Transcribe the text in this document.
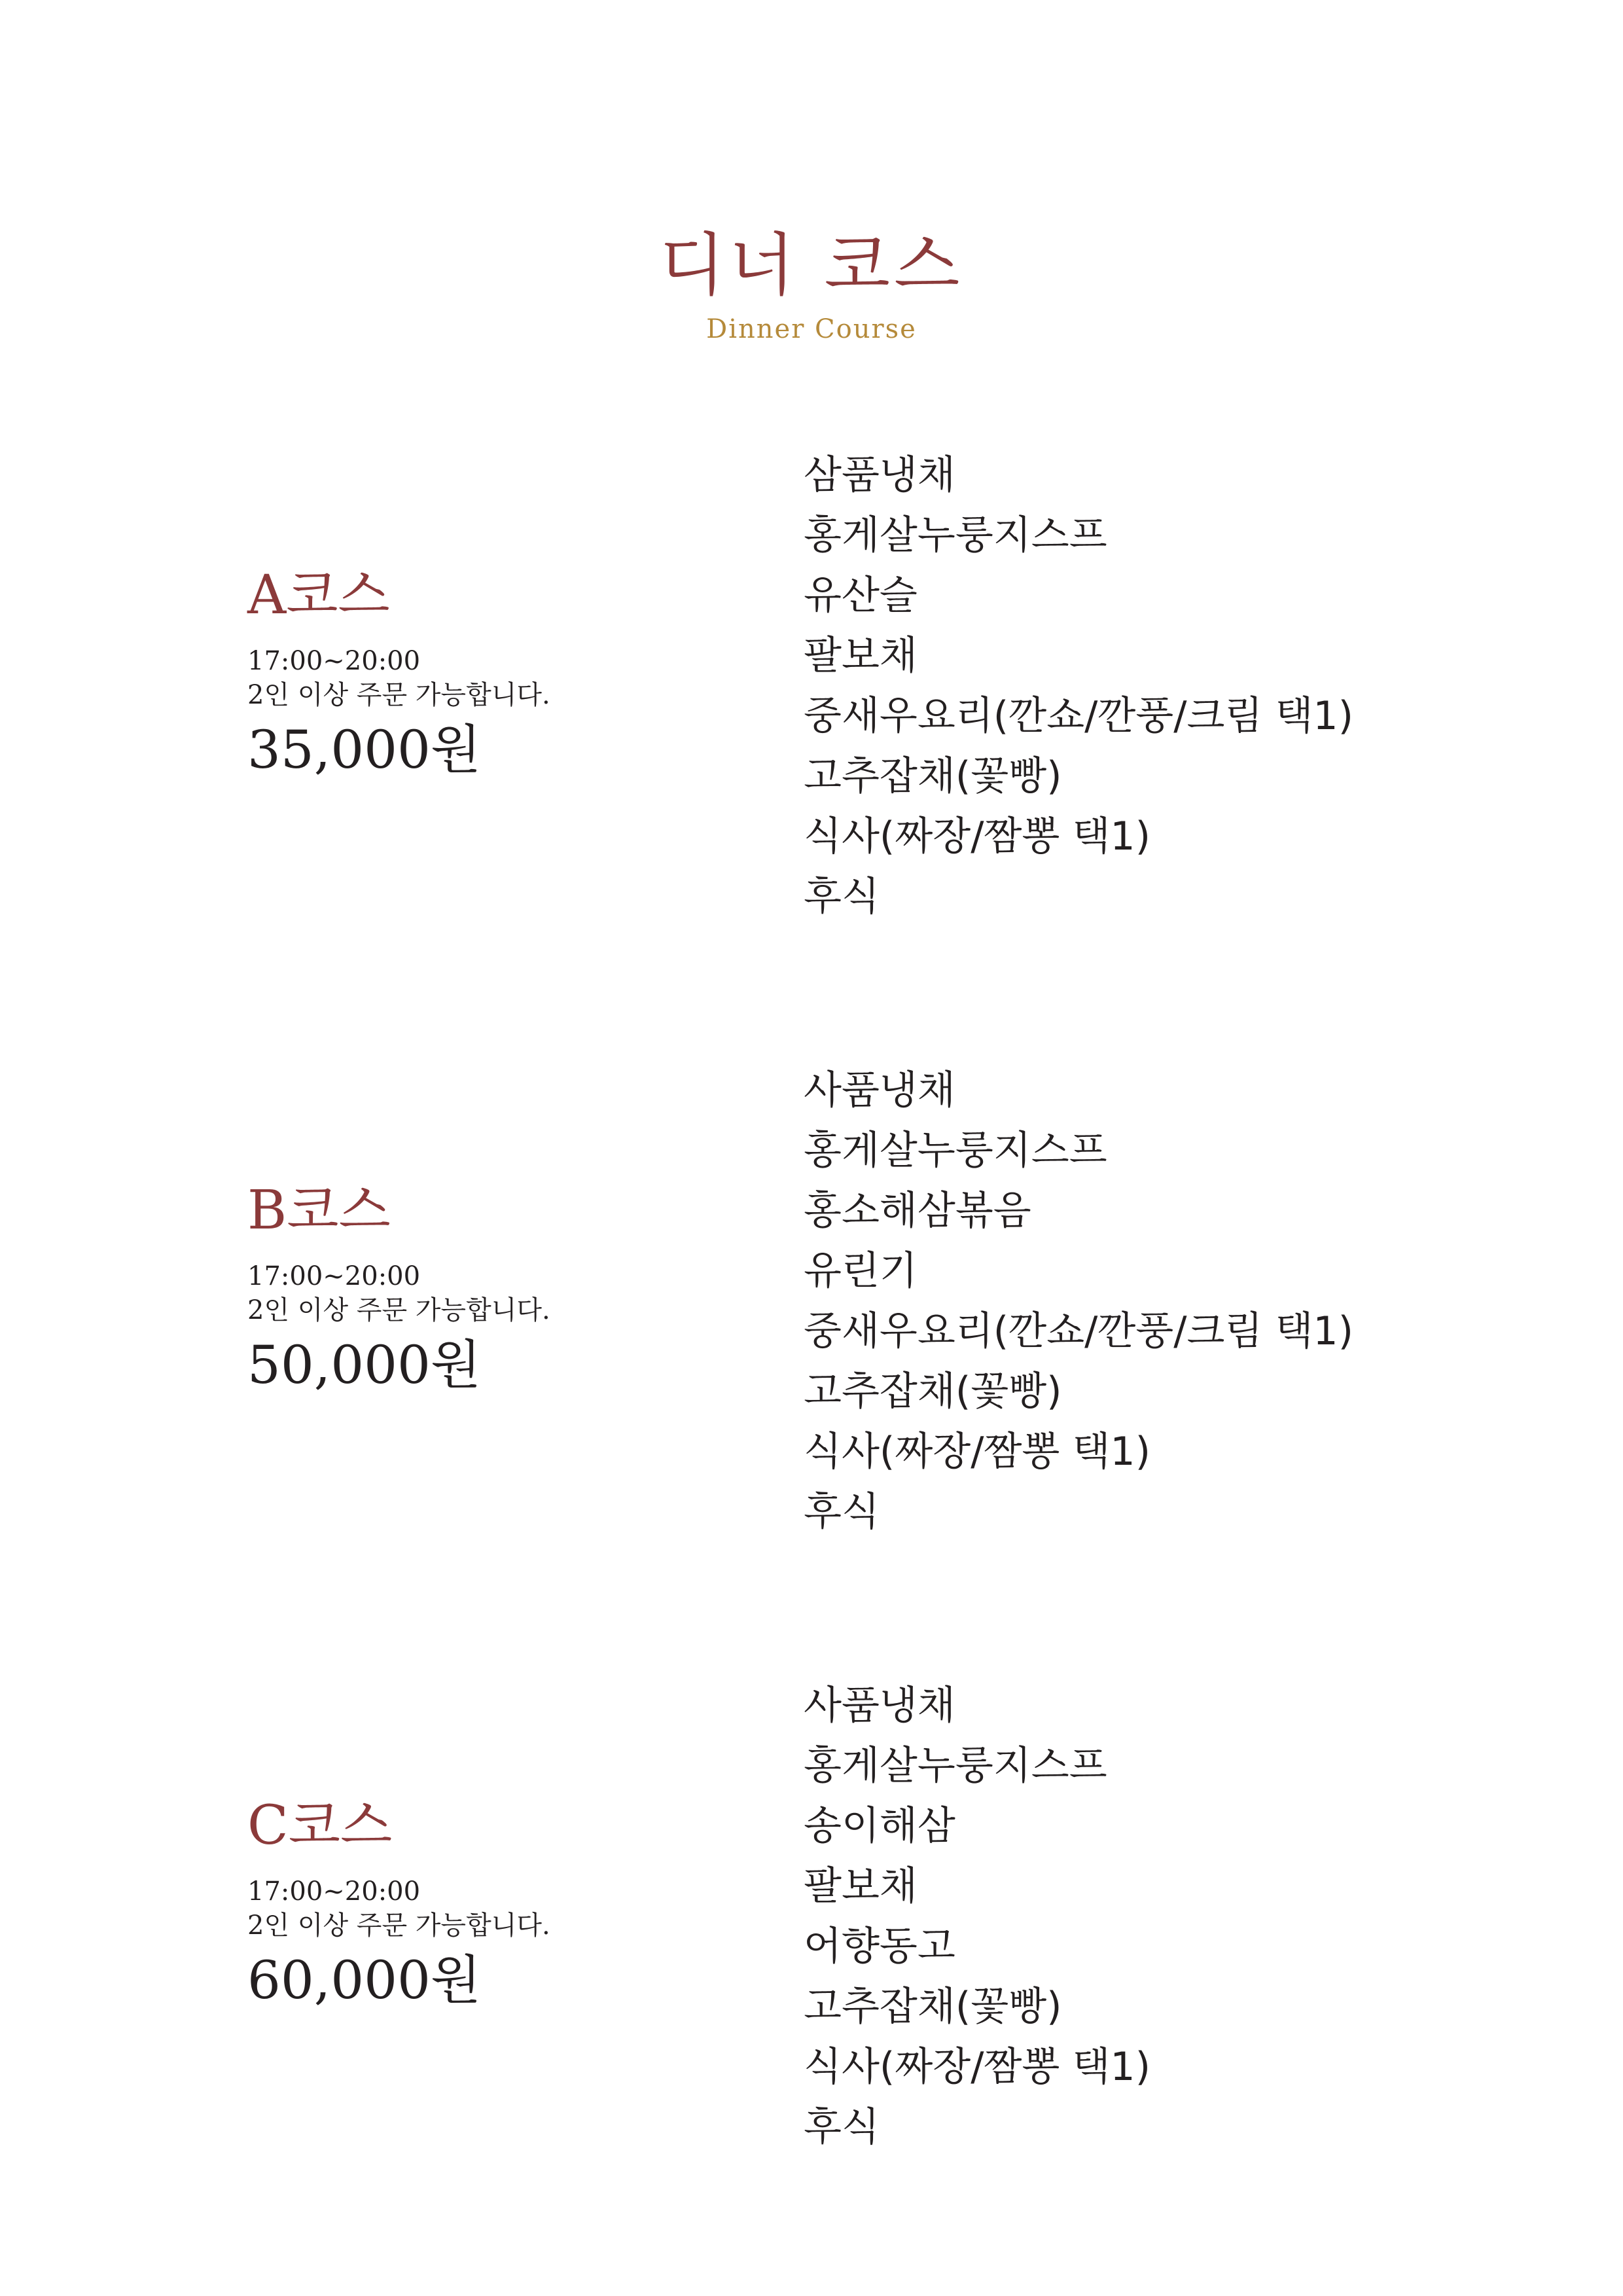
디너 코스
Dinner Course
A코스
17:00~20:00
2인 이상 주문 가능합니다.
35,000원
삼품냉채
홍게살누룽지스프
유산슬
팔보채
중새우요리(깐쇼/깐풍/크림 택1)
고추잡채(꽃빵)
식사(짜장/짬뽕 택1)
후식
B코스
17:00~20:00
2인 이상 주문 가능합니다.
50,000원
사품냉채
홍게살누룽지스프
홍소해삼볶음
유린기
중새우요리(깐쇼/깐풍/크림 택1)
고추잡채(꽃빵)
식사(짜장/짬뽕 택1)
후식
C코스
17:00~20:00
2인 이상 주문 가능합니다.
60,000원
사품냉채
홍게살누룽지스프
송이해삼
팔보채
어향동고
고추잡채(꽃빵)
식사(짜장/짬뽕 택1)
후식
